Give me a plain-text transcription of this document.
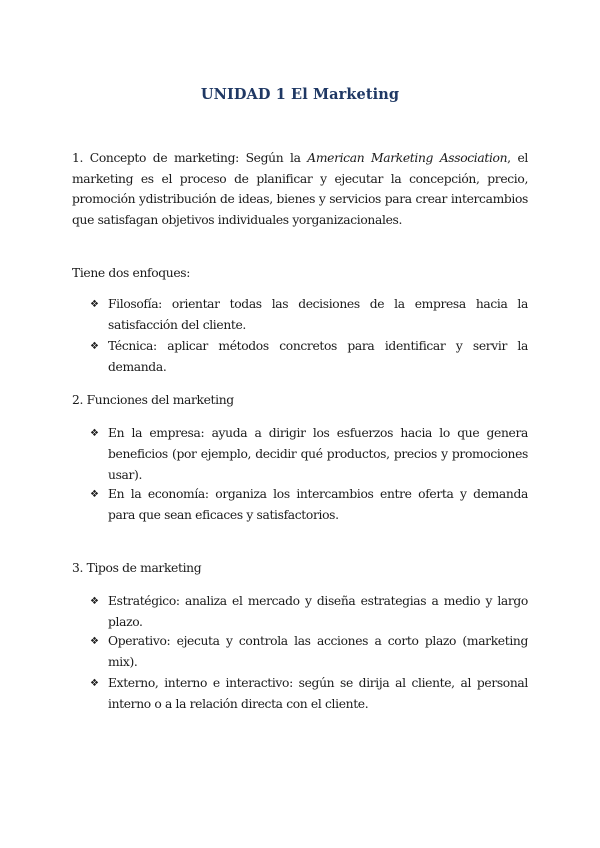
UNIDAD 1 El Marketing
1. Concepto de marketing: Según la American Marketing Association, el marketing es el proceso de planificar y ejecutar la concepción, precio, promoción ydistribución de ideas, bienes y servicios para crear intercambios que satisfagan objetivos individuales yorganizacionales.
Tiene dos enfoques:
❖ Filosofía: orientar todas las decisiones de la empresa hacia la satisfacción del cliente.
❖ Técnica: aplicar métodos concretos para identificar y servir la demanda.
2. Funciones del marketing
❖ En la empresa: ayuda a dirigir los esfuerzos hacia lo que genera beneficios (por ejemplo, decidir qué productos, precios y promociones usar).
❖ En la economía: organiza los intercambios entre oferta y demanda para que sean eficaces y satisfactorios.
3. Tipos de marketing
❖ Estratégico: analiza el mercado y diseña estrategias a medio y largo plazo.
❖ Operativo: ejecuta y controla las acciones a corto plazo (marketing mix).
❖ Externo, interno e interactivo: según se dirija al cliente, al personal interno o a la relación directa con el cliente.
